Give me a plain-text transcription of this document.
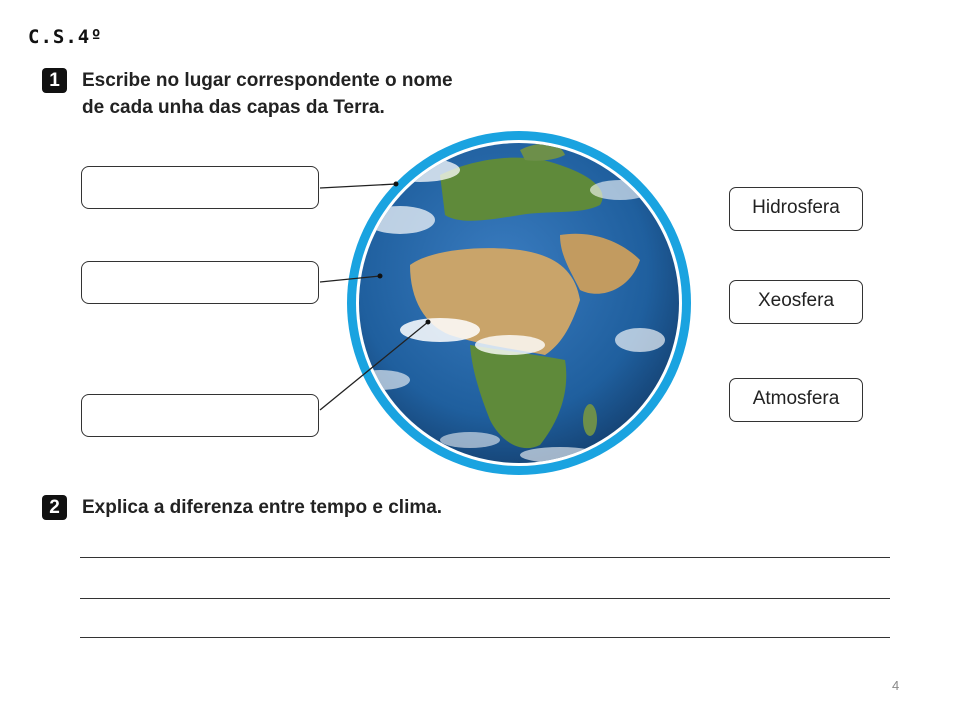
C.S.4º
1	Escribe no lugar correspondente o nome
de cada unha das capas da Terra.
Hidrosfera
Xeosfera
Atmosfera
2	Explica a diferenza entre tempo e clima.
4
